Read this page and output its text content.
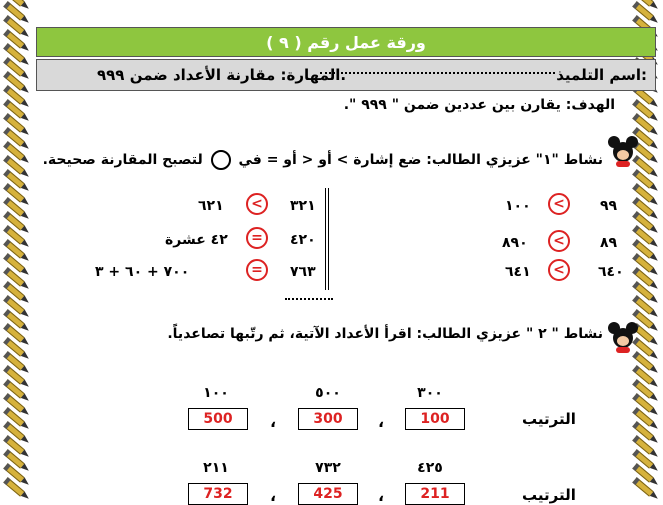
ورقة عمل رقم ( ٩ )
اسم التلميذ:
المهارة: مقارنة الأعداد ضمن ٩٩٩.
الهدف: يقارن بين عددين ضمن " ٩٩٩ ".
نشاط "١" عزيزي الطالب: ضع إشارة > أو < أو = في  لتصبح المقارنة صحيحة.
٩٩
<
١٠٠
٨٩
<
٨٩٠
٦٤٠
<
٦٤١
٣٢١
<
٦٢١
٤٢٠
=
٤٢ عشرة
٧٦٣
=
٧٠٠ + ٦٠ + ٣
نشاط " ٢ " عزيزي الطالب: اقرأ الأعداد الآتية، ثم رتّبها تصاعدياً.
٣٠٠
٥٠٠
١٠٠
الترتيب
100
،
300
،
500
٤٢٥
٧٣٢
٢١١
الترتيب
211
،
425
،
732
